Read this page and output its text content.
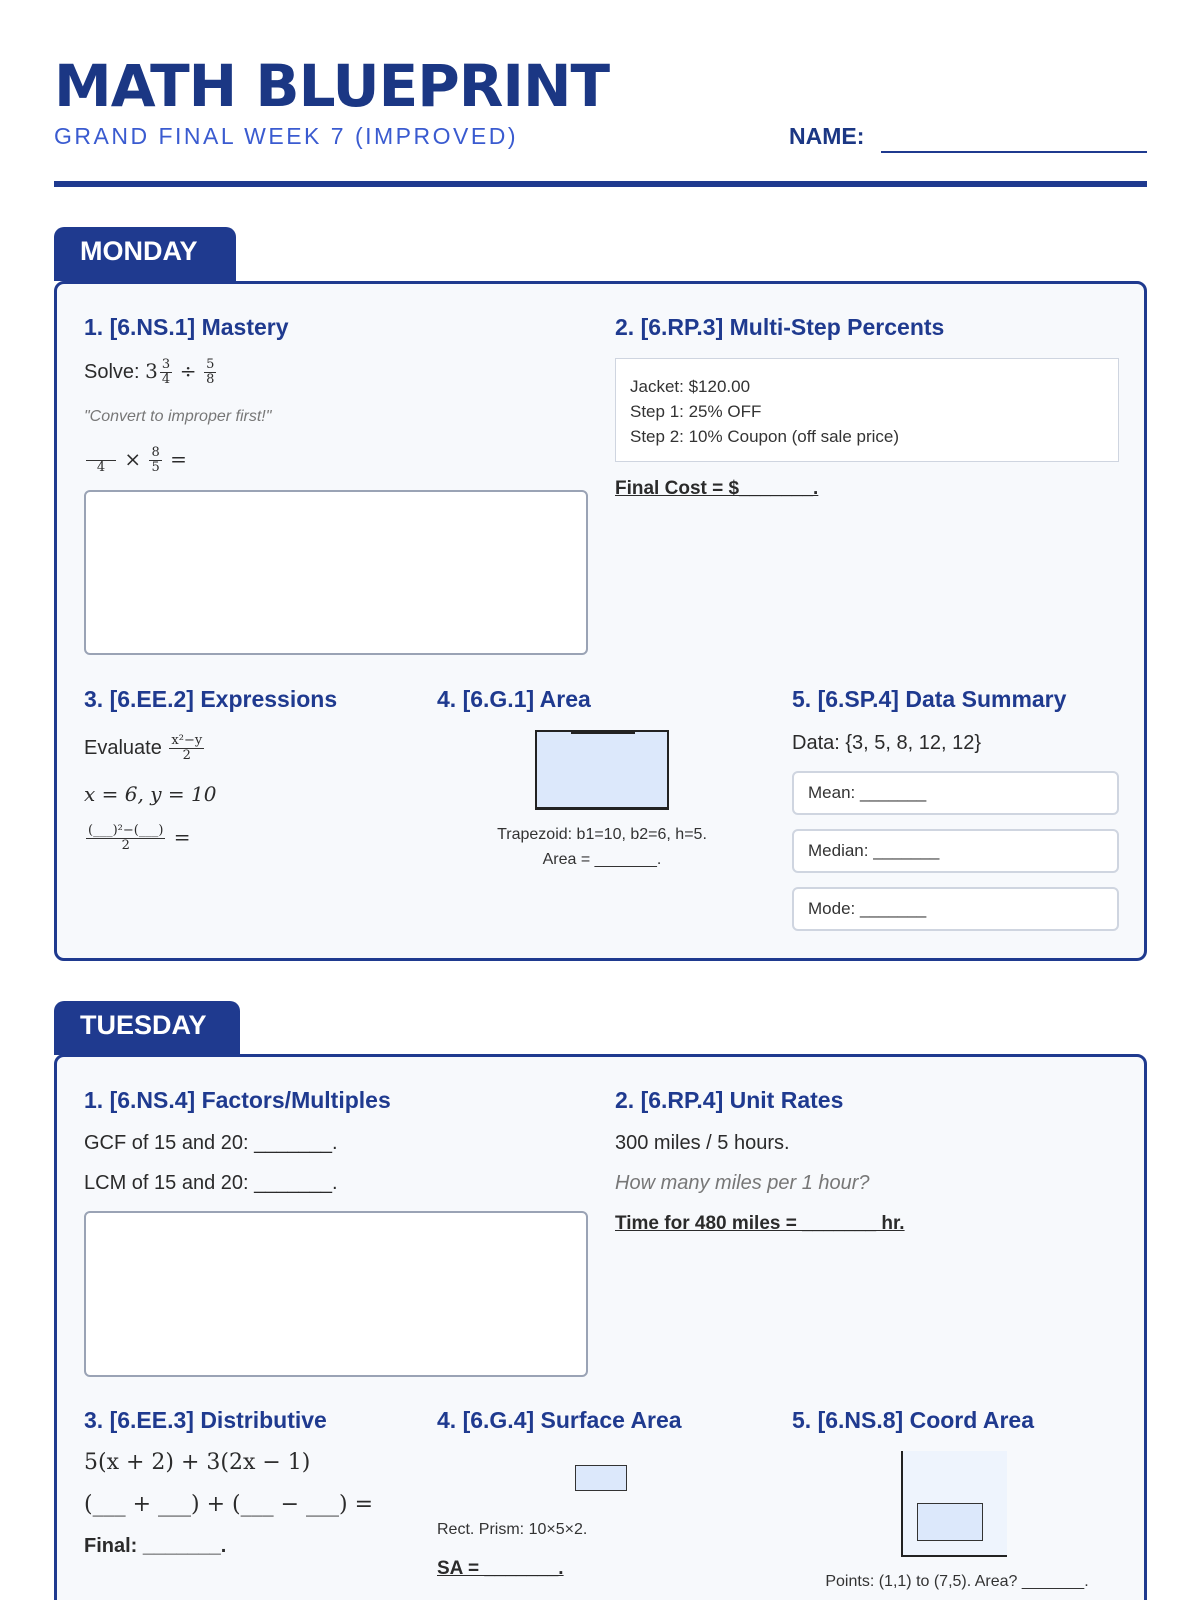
MATH BLUEPRINT
GRAND FINAL WEEK 7 (IMPROVED)	NAME:
MONDAY
1. [6.NS.1] Mastery
Solve: $3 \frac{3}{4} \div \frac{5}{8}$
"Convert to improper first!"

$4 \times \frac{8}{5}$ =
2. [6.RP.3] Multi-Step Percents
Jacket: $120.00
Step 1: 25% OFF
Step 2: 10% Coupon (off sale price)
Final Cost = $_______.
3. [6.EE.2] Expressions
Evaluate $\frac{\text{x²−y}}{2}$
x = 6, y = 10
$\frac{\text{(\_\_\_)²−(\_\_\_)}}{2}$ =
4. [6.G.1] Area
Trapezoid: b1=10, b2=6, h=5.
Area = _______.
5. [6.SP.4] Data Summary
Data: {3, 5, 8, 12, 12}
Mean: _______
Median: _______
Mode: _______
TUESDAY
1. [6.NS.4] Factors/Multiples
GCF of 15 and 20: _______.
LCM of 15 and 20: _______.
2. [6.RP.4] Unit Rates
300 miles / 5 hours.
How many miles per 1 hour?
Time for 480 miles = _______ hr.
3. [6.EE.3] Distributive
5(x + 2) + 3(2x − 1)
(___ + ___) + (___ − ___) =
Final: _______.
4. [6.G.4] Surface Area
Rect. Prism: 10×5×2.
SA = _______.
5. [6.NS.8] Coord Area
Points: (1,1) to (7,5). Area? _______.
